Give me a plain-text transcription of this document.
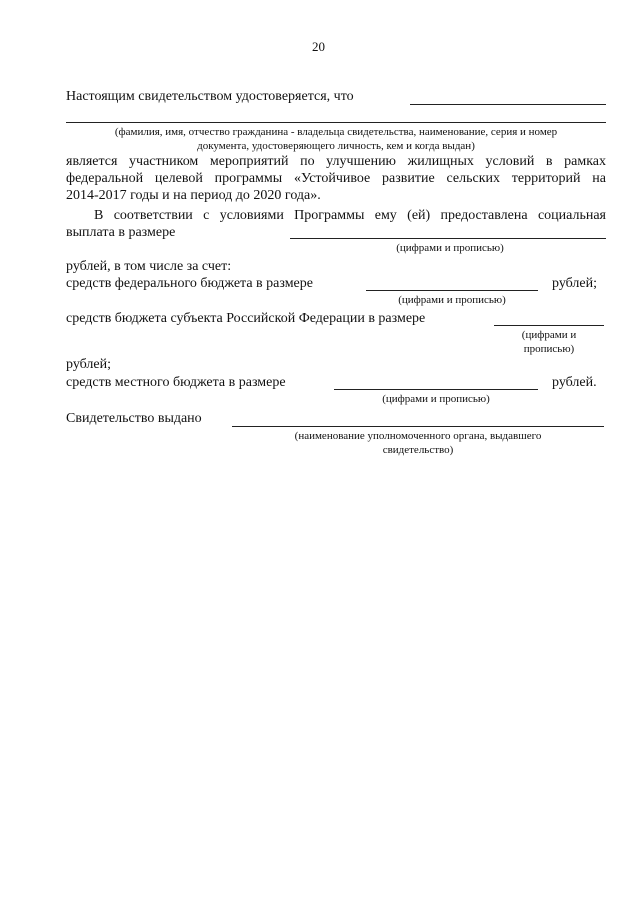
20
Настоящим свидетельством удостоверяется, что
(фамилия, имя, отчество гражданина - владельца свидетельства, наименование, серия и номер
документа, удостоверяющего личность, кем и когда выдан)
является участником мероприятий по улучшению жилищных условий в рамках
федеральной целевой программы «Устойчивое развитие сельских территорий на
2014-2017 годы и на период до 2020 года».
В соответствии с условиями Программы ему (ей) предоставлена социальная
выплата в размере
(цифрами и прописью)
рублей, в том числе за счет:
средств федерального бюджета в размере	рублей;
(цифрами и прописью)
средств бюджета субъекта Российской Федерации в размере
(цифрами и
прописью)
рублей;
средств местного бюджета в размере	рублей.
(цифрами и прописью)
Свидетельство выдано
(наименование уполномоченного органа, выдавшего
свидетельство)
